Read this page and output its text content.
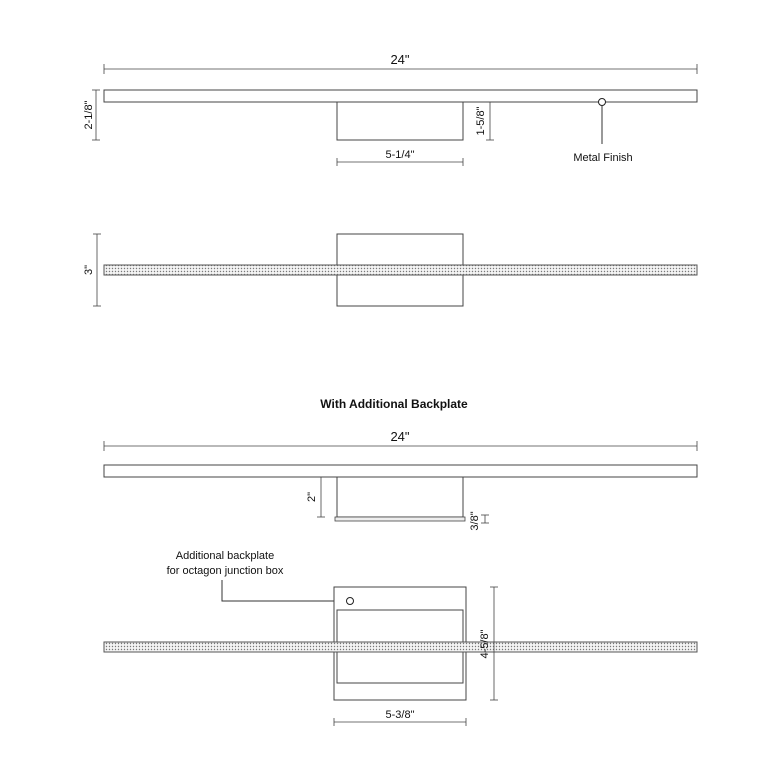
24"
2-1/8"	1-5/8"
5-1/4"	Metal Finish
3"
With Additional Backplate
24"
2"
3/8"
Additional backplate
for octagon junction box
4-5/8"
5-3/8"
